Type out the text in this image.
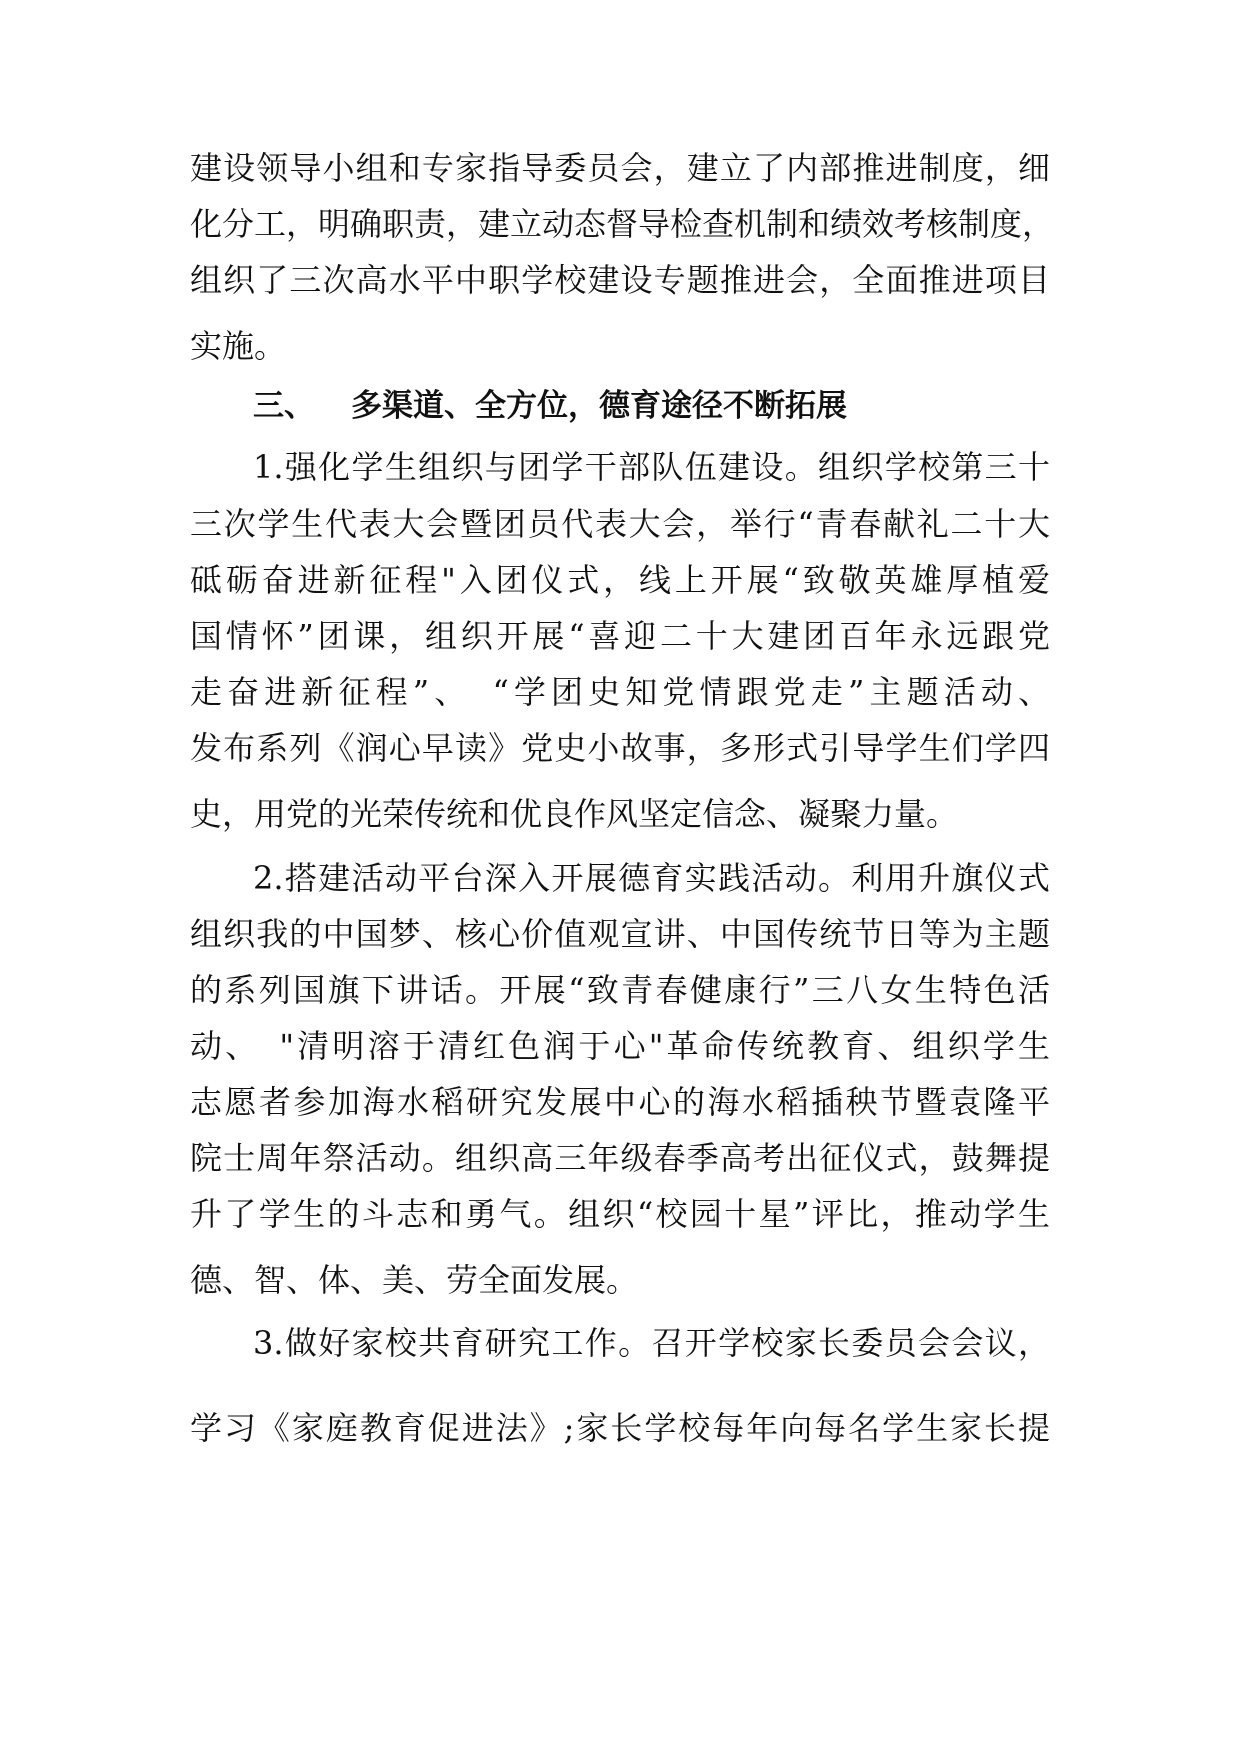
建设领导小组和专家指导委员会，建立了内部推进制度，细
化分工，明确职责，建立动态督导检查机制和绩效考核制度，
组织了三次高水平中职学校建设专题推进会，全面推进项目
实施。
三、 多渠道、全方位，德育途径不断拓展
1.强化学生组织与团学干部队伍建设。组织学校第三十
三次学生代表大会暨团员代表大会，举行“青春献礼二十大
砥砺奋进新征程"入团仪式，线上开展“致敬英雄厚植爱
国情怀”团课，组织开展“喜迎二十大建团百年永远跟党
走奋进新征程”、　“学团史知党情跟党走”主题活动、
发布系列《润心早读》党史小故事，多形式引导学生们学四
史，用党的光荣传统和优良作风坚定信念、凝聚力量。
2.搭建活动平台深入开展德育实践活动。利用升旗仪式
组织我的中国梦、核心价值观宣讲、中国传统节日等为主题
的系列国旗下讲话。开展“致青春健康行”三八女生特色活
动、　"清明溶于清红色润于心"革命传统教育、组织学生
志愿者参加海水稻研究发展中心的海水稻插秧节暨袁隆平
院士周年祭活动。组织高三年级春季高考出征仪式，鼓舞提
升了学生的斗志和勇气。组织“校园十星”评比，推动学生
德、智、体、美、劳全面发展。
3.做好家校共育研究工作。召开学校家长委员会会议，
学习《家庭教育促进法》;家长学校每年向每名学生家长提
